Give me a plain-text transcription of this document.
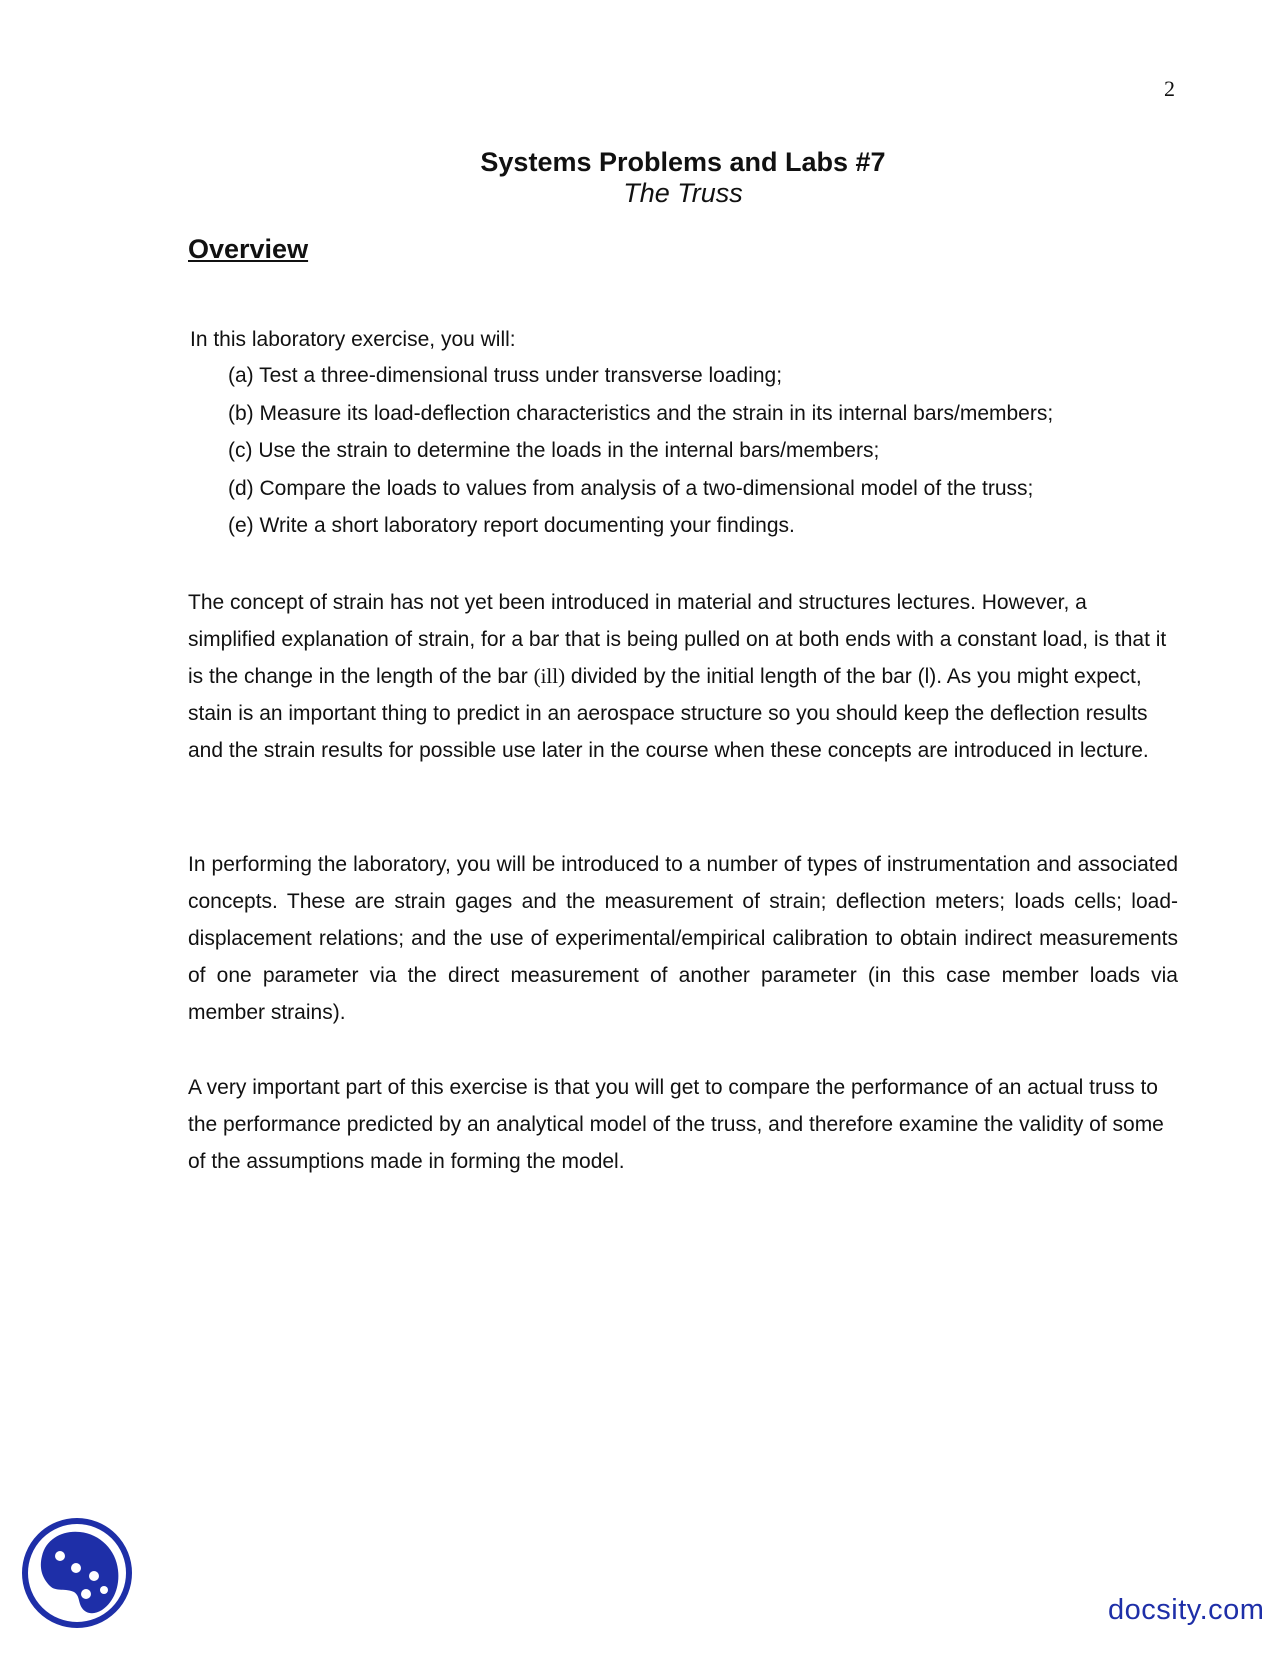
2
Systems Problems and Labs #7
The Truss
Overview
In this laboratory exercise, you will:
(a) Test a three-dimensional truss under transverse loading;
(b) Measure its load-deflection characteristics and the strain in its internal bars/members;
(c) Use the strain to determine the loads in the internal bars/members;
(d) Compare the loads to values from analysis of a two-dimensional model of the truss;
(e) Write a short laboratory report documenting your findings.

The concept of strain has not yet been introduced in material and structures lectures. However, a simplified explanation of strain, for a bar that is being pulled on at both ends with a constant load, is that it is the change in the length of the bar (ill) divided by the initial length of the bar (l). As you might expect, stain is an important thing to predict in an aerospace structure so you should keep the deflection results and the strain results for possible use later in the course when these concepts are introduced in lecture.

In performing the laboratory, you will be introduced to a number of types of instrumentation and associated concepts. These are strain gages and the measurement of strain; deflection meters; loads cells; load-displacement relations; and the use of experimental/empirical calibration to obtain indirect measurements of one parameter via the direct measurement of another parameter (in this case member loads via member strains).

A very important part of this exercise is that you will get to compare the performance of an actual truss to the performance predicted by an analytical model of the truss, and therefore examine the validity of some of the assumptions made in forming the model.

docsity.com
